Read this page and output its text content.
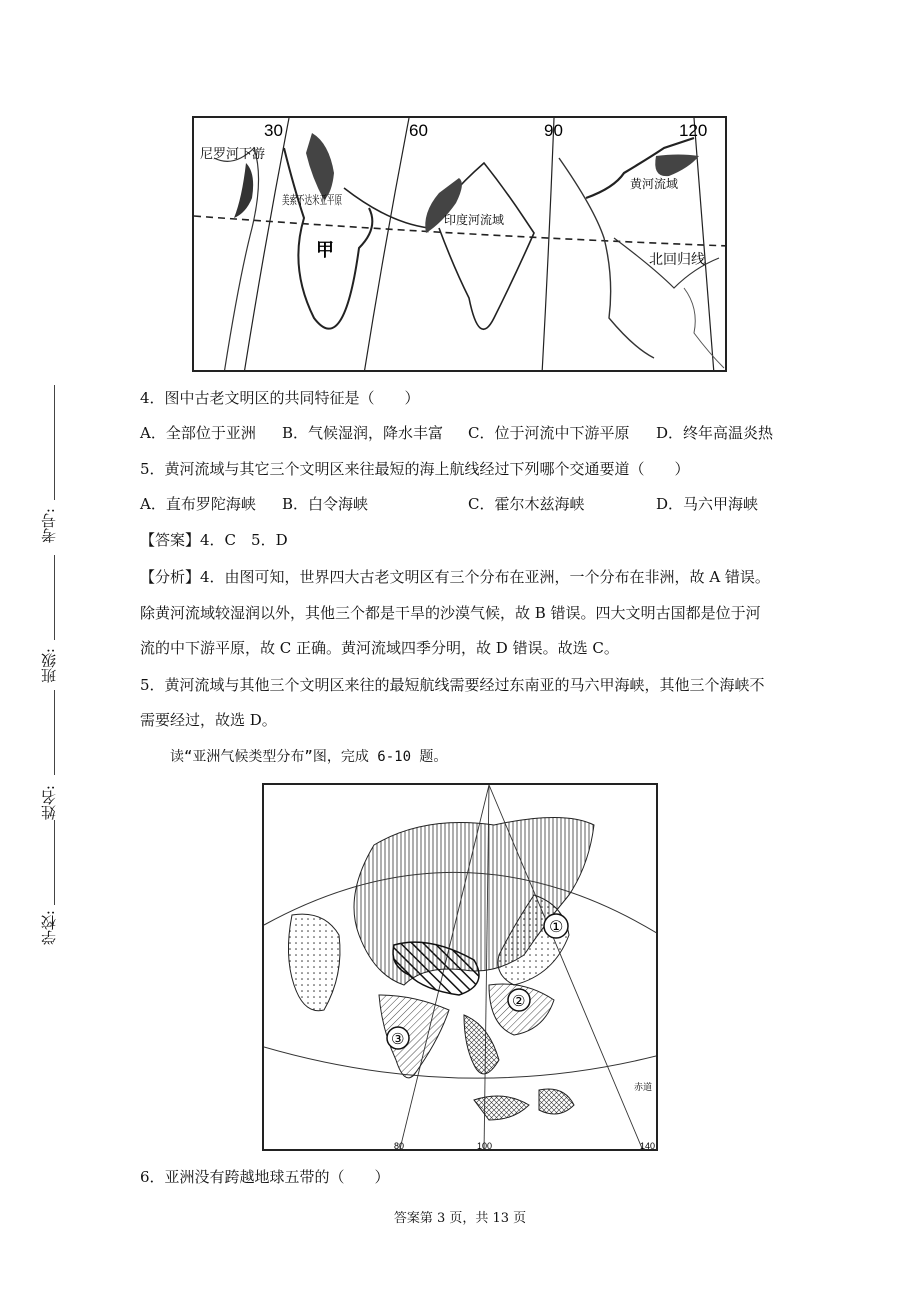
30	60	90	120
尼罗河下游
美索不达米亚平原
印度河流域
黄河流域
甲	北回归线
4．图中古老文明区的共同特征是（　　）
A．全部位于亚洲 B．气候湿润，降水丰富 C．位于河流中下游平原 D．终年高温炎热
5．黄河流域与其它三个文明区来往最短的海上航线经过下列哪个交通要道（　　）
A．直布罗陀海峡 B．白令海峡	C．霍尔木兹海峡	D．马六甲海峡
【答案】4．C　5．D
【分析】4．由图可知，世界四大古老文明区有三个分布在亚洲，一个分布在非洲，故 A 错误。
除黄河流域较湿润以外，其他三个都是干旱的沙漠气候，故 B 错误。四大文明古国都是位于河
流的中下游平原，故 C 正确。黄河流域四季分明，故 D 错误。故选 C。
5．黄河流域与其他三个文明区来往的最短航线需要经过东南亚的马六甲海峡，其他三个海峡不
需要经过，故选 D。
读“亚洲气候类型分布”图，完成 6-10 题。
①
②
③
80	100	140
赤道
6．亚洲没有跨越地球五带的（　　）
考号:
班级:
姓名:
学校:
答案第 3 页，共 13 页
